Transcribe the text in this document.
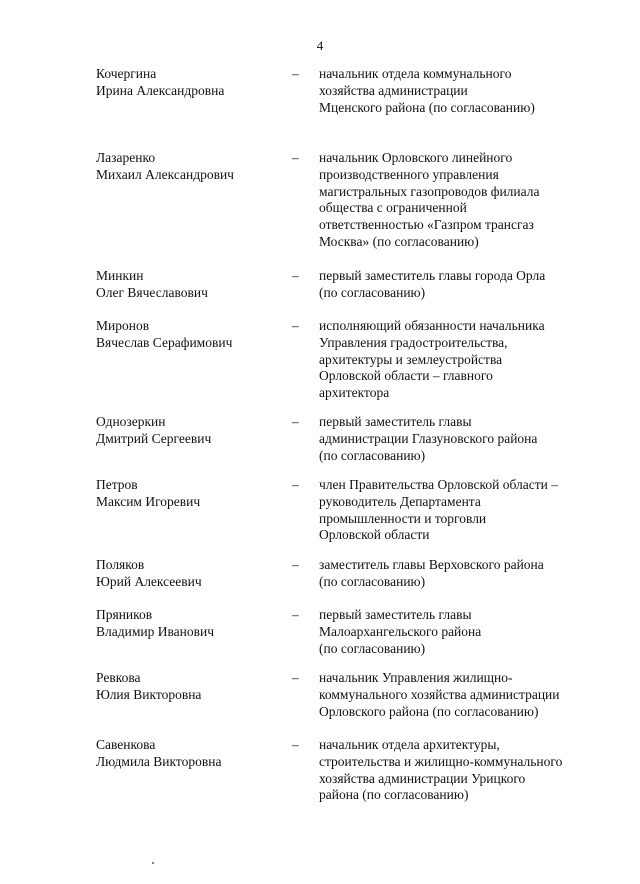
4
Кочергина
Ирина Александровна
–	начальник отдела коммунального
хозяйства администрации
Мценского района (по согласованию)
Лазаренко
Михаил Александрович
–	начальник Орловского линейного
производственного управления
магистральных газопроводов филиала
общества с ограниченной
ответственностью «Газпром трансгаз
Москва» (по согласованию)
Минкин
Олег Вячеславович
–	первый заместитель главы города Орла
(по согласованию)
Миронов
Вячеслав Серафимович
–	исполняющий обязанности начальника
Управления градостроительства,
архитектуры и землеустройства
Орловской области – главного
архитектора
Однозеркин
Дмитрий Сергеевич
–	первый заместитель главы
администрации Глазуновского района
(по согласованию)
Петров
Максим Игоревич
–	член Правительства Орловской области –
руководитель Департамента
промышленности и торговли
Орловской области
Поляков
Юрий Алексеевич
–	заместитель главы Верховского района
(по согласованию)
Пряников
Владимир Иванович
–	первый заместитель главы
Малоархангельского района
(по согласованию)
Ревкова
Юлия Викторовна
–	начальник Управления жилищно-
коммунального хозяйства администрации
Орловского района (по согласованию)
Савенкова
Людмила Викторовна
–	начальник отдела архитектуры,
строительства и жилищно-коммунального
хозяйства администрации Урицкого
района (по согласованию)
